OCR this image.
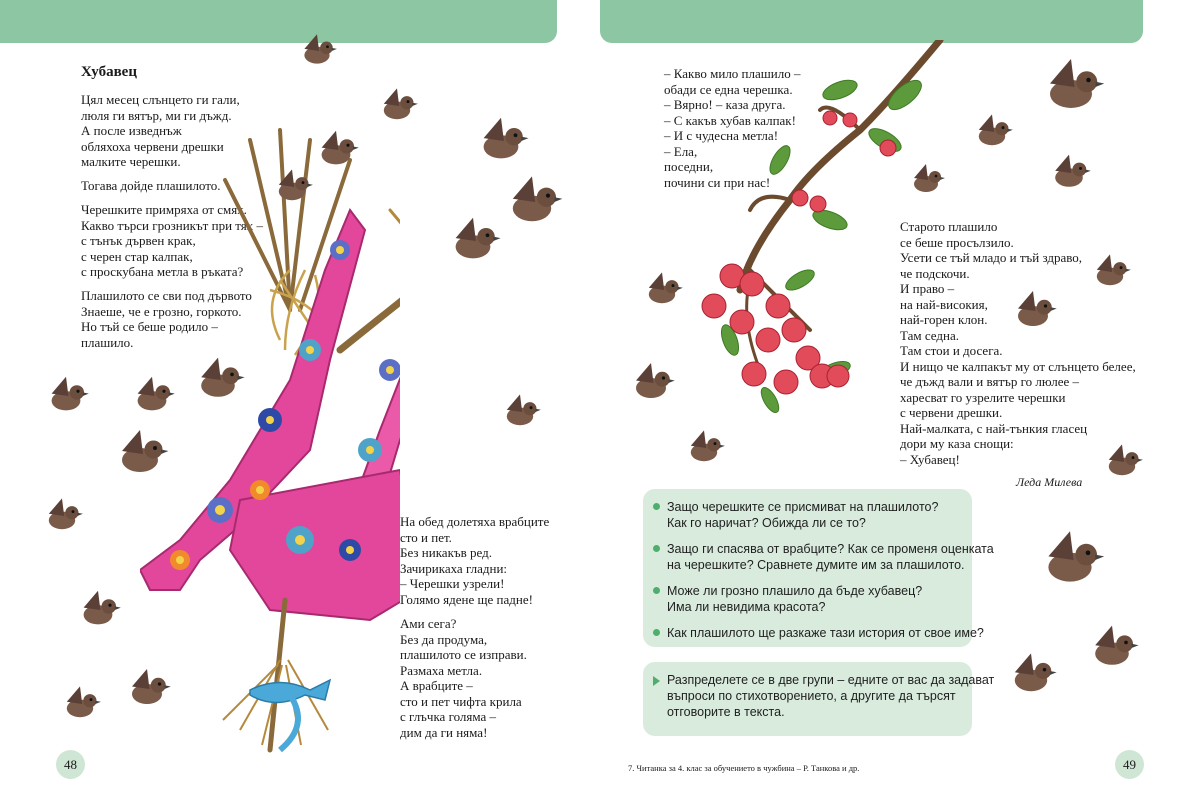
Хубавец
Цял месец слънцето ги гали,
люля ги вятър, ми ги дъжд.
А после изведнъж
обляхоха червени дрешки
малките черешки.
Тогава дойде плашилото.
Черешките примряха от смях.
Какво търси грозникът при тях –
с тънък дървен крак,
с черен стар калпак,
с проскубана метла в ръката?
Плашилото се сви под дървото
Знаеше, че е грозно, горкото.
Но тъй се беше родило –
плашило.
На обед долетяха врабците
сто и пет.
Без никакъв ред.
Зачирикаха гладни:
– Черешки узрели!
Голямо ядене ще падне!
Ами сега?
Без да продума,
плашилото се изправи.
Размаха метла.
А врабците –
сто и пет чифта крила
с глъчка голяма –
дим да ги няма!
48
– Какво мило плашило –
обади се една черешка.
– Вярно! – каза друга.
– С какъв хубав калпак!
– И с чудесна метла!
– Ела,
поседни,
почини си при нас!
Старото плашило
се беше просълзило.
Усети се тъй младо и тъй здраво,
че подскочи.
И право –
на най-високия,
най-горен клон.
Там седна.
Там стои и досега.
И нищо че калпакът му от слънцето белее,
че дъжд вали и вятър го люлее –
харесват го узрелите черешки
с червени дрешки.
Най-малката, с най-тънкия гласец
дори му каза снощи:
– Хубавец!
Леда Милева
Защо черешките се присмиват на плашилото?
Как го наричат? Обижда ли се то?
Защо ги спасява от врабците? Как се променя оценката
на черешките? Сравнете думите им за плашилото.
Може ли грозно плашило да бъде хубавец?
Има ли невидима красота?
Как плашилото ще разкаже тази история от свое име?
Разпределете се в две групи – едните от вас да задават
въпроси по стихотворението, а другите да търсят
отговорите в текста.
7. Читанка за 4. клас за обучението в чужбина – Р. Танкова и др.	49
